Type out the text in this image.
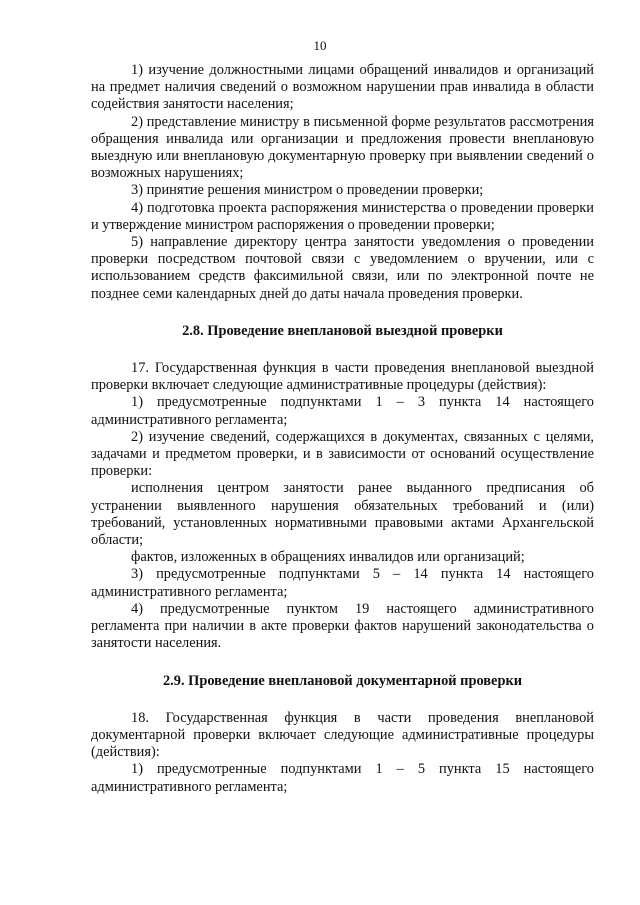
10

1) изучение должностными лицами обращений инвалидов и организаций на предмет наличия сведений о возможном нарушении прав инвалида в области содействия занятости населения;

2) представление министру в письменной форме результатов рассмотрения обращения инвалида или организации и предложения провести внеплановую выездную или внеплановую документарную проверку при выявлении сведений о возможных нарушениях;

3) принятие решения министром о проведении проверки;

4) подготовка проекта распоряжения министерства о проведении проверки и утверждение министром распоряжения о проведении проверки;

5) направление директору центра занятости уведомления о проведении проверки посредством почтовой связи с уведомлением о вручении, или с использованием средств факсимильной связи, или по электронной почте не позднее семи календарных дней до даты начала проведения проверки.

2.8. Проведение внеплановой выездной проверки

17. Государственная функция в части проведения внеплановой выездной проверки включает следующие административные процедуры (действия):

1) предусмотренные подпунктами 1 – 3 пункта 14 настоящего административного регламента;

2) изучение сведений, содержащихся в документах, связанных с целями, задачами и предметом проверки, и в зависимости от оснований осуществление проверки:

исполнения центром занятости ранее выданного предписания об устранении выявленного нарушения обязательных требований и (или) требований, установленных нормативными правовыми актами Архангельской области;

фактов, изложенных в обращениях инвалидов или организаций;

3) предусмотренные подпунктами 5 – 14 пункта 14 настоящего административного регламента;

4) предусмотренные пунктом 19 настоящего административного регламента при наличии в акте проверки фактов нарушений законодательства о занятости населения.

2.9. Проведение внеплановой документарной проверки

18. Государственная функция в части проведения внеплановой документарной проверки включает следующие административные процедуры (действия):

1) предусмотренные подпунктами 1 – 5 пункта 15 настоящего административного регламента;
